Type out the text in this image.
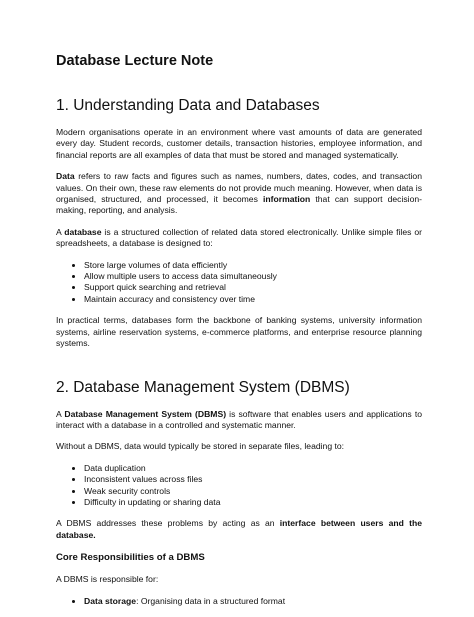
Database Lecture Note
1. Understanding Data and Databases

Modern organisations operate in an environment where vast amounts of data are generated every day. Student records, customer details, transaction histories, employee information, and financial reports are all examples of data that must be stored and managed systematically.

Data refers to raw facts and figures such as names, numbers, dates, codes, and transaction values. On their own, these raw elements do not provide much meaning. However, when data is organised, structured, and processed, it becomes information that can support decision-making, reporting, and analysis.

A database is a structured collection of related data stored electronically. Unlike simple files or spreadsheets, a database is designed to:

• Store large volumes of data efficiently
• Allow multiple users to access data simultaneously
• Support quick searching and retrieval
• Maintain accuracy and consistency over time

In practical terms, databases form the backbone of banking systems, university information systems, airline reservation systems, e-commerce platforms, and enterprise resource planning systems.

2. Database Management System (DBMS)

A Database Management System (DBMS) is software that enables users and applications to interact with a database in a controlled and systematic manner.

Without a DBMS, data would typically be stored in separate files, leading to:

• Data duplication
• Inconsistent values across files
• Weak security controls
• Difficulty in updating or sharing data

A DBMS addresses these problems by acting as an interface between users and the database.

Core Responsibilities of a DBMS

A DBMS is responsible for:

• Data storage: Organising data in a structured format
